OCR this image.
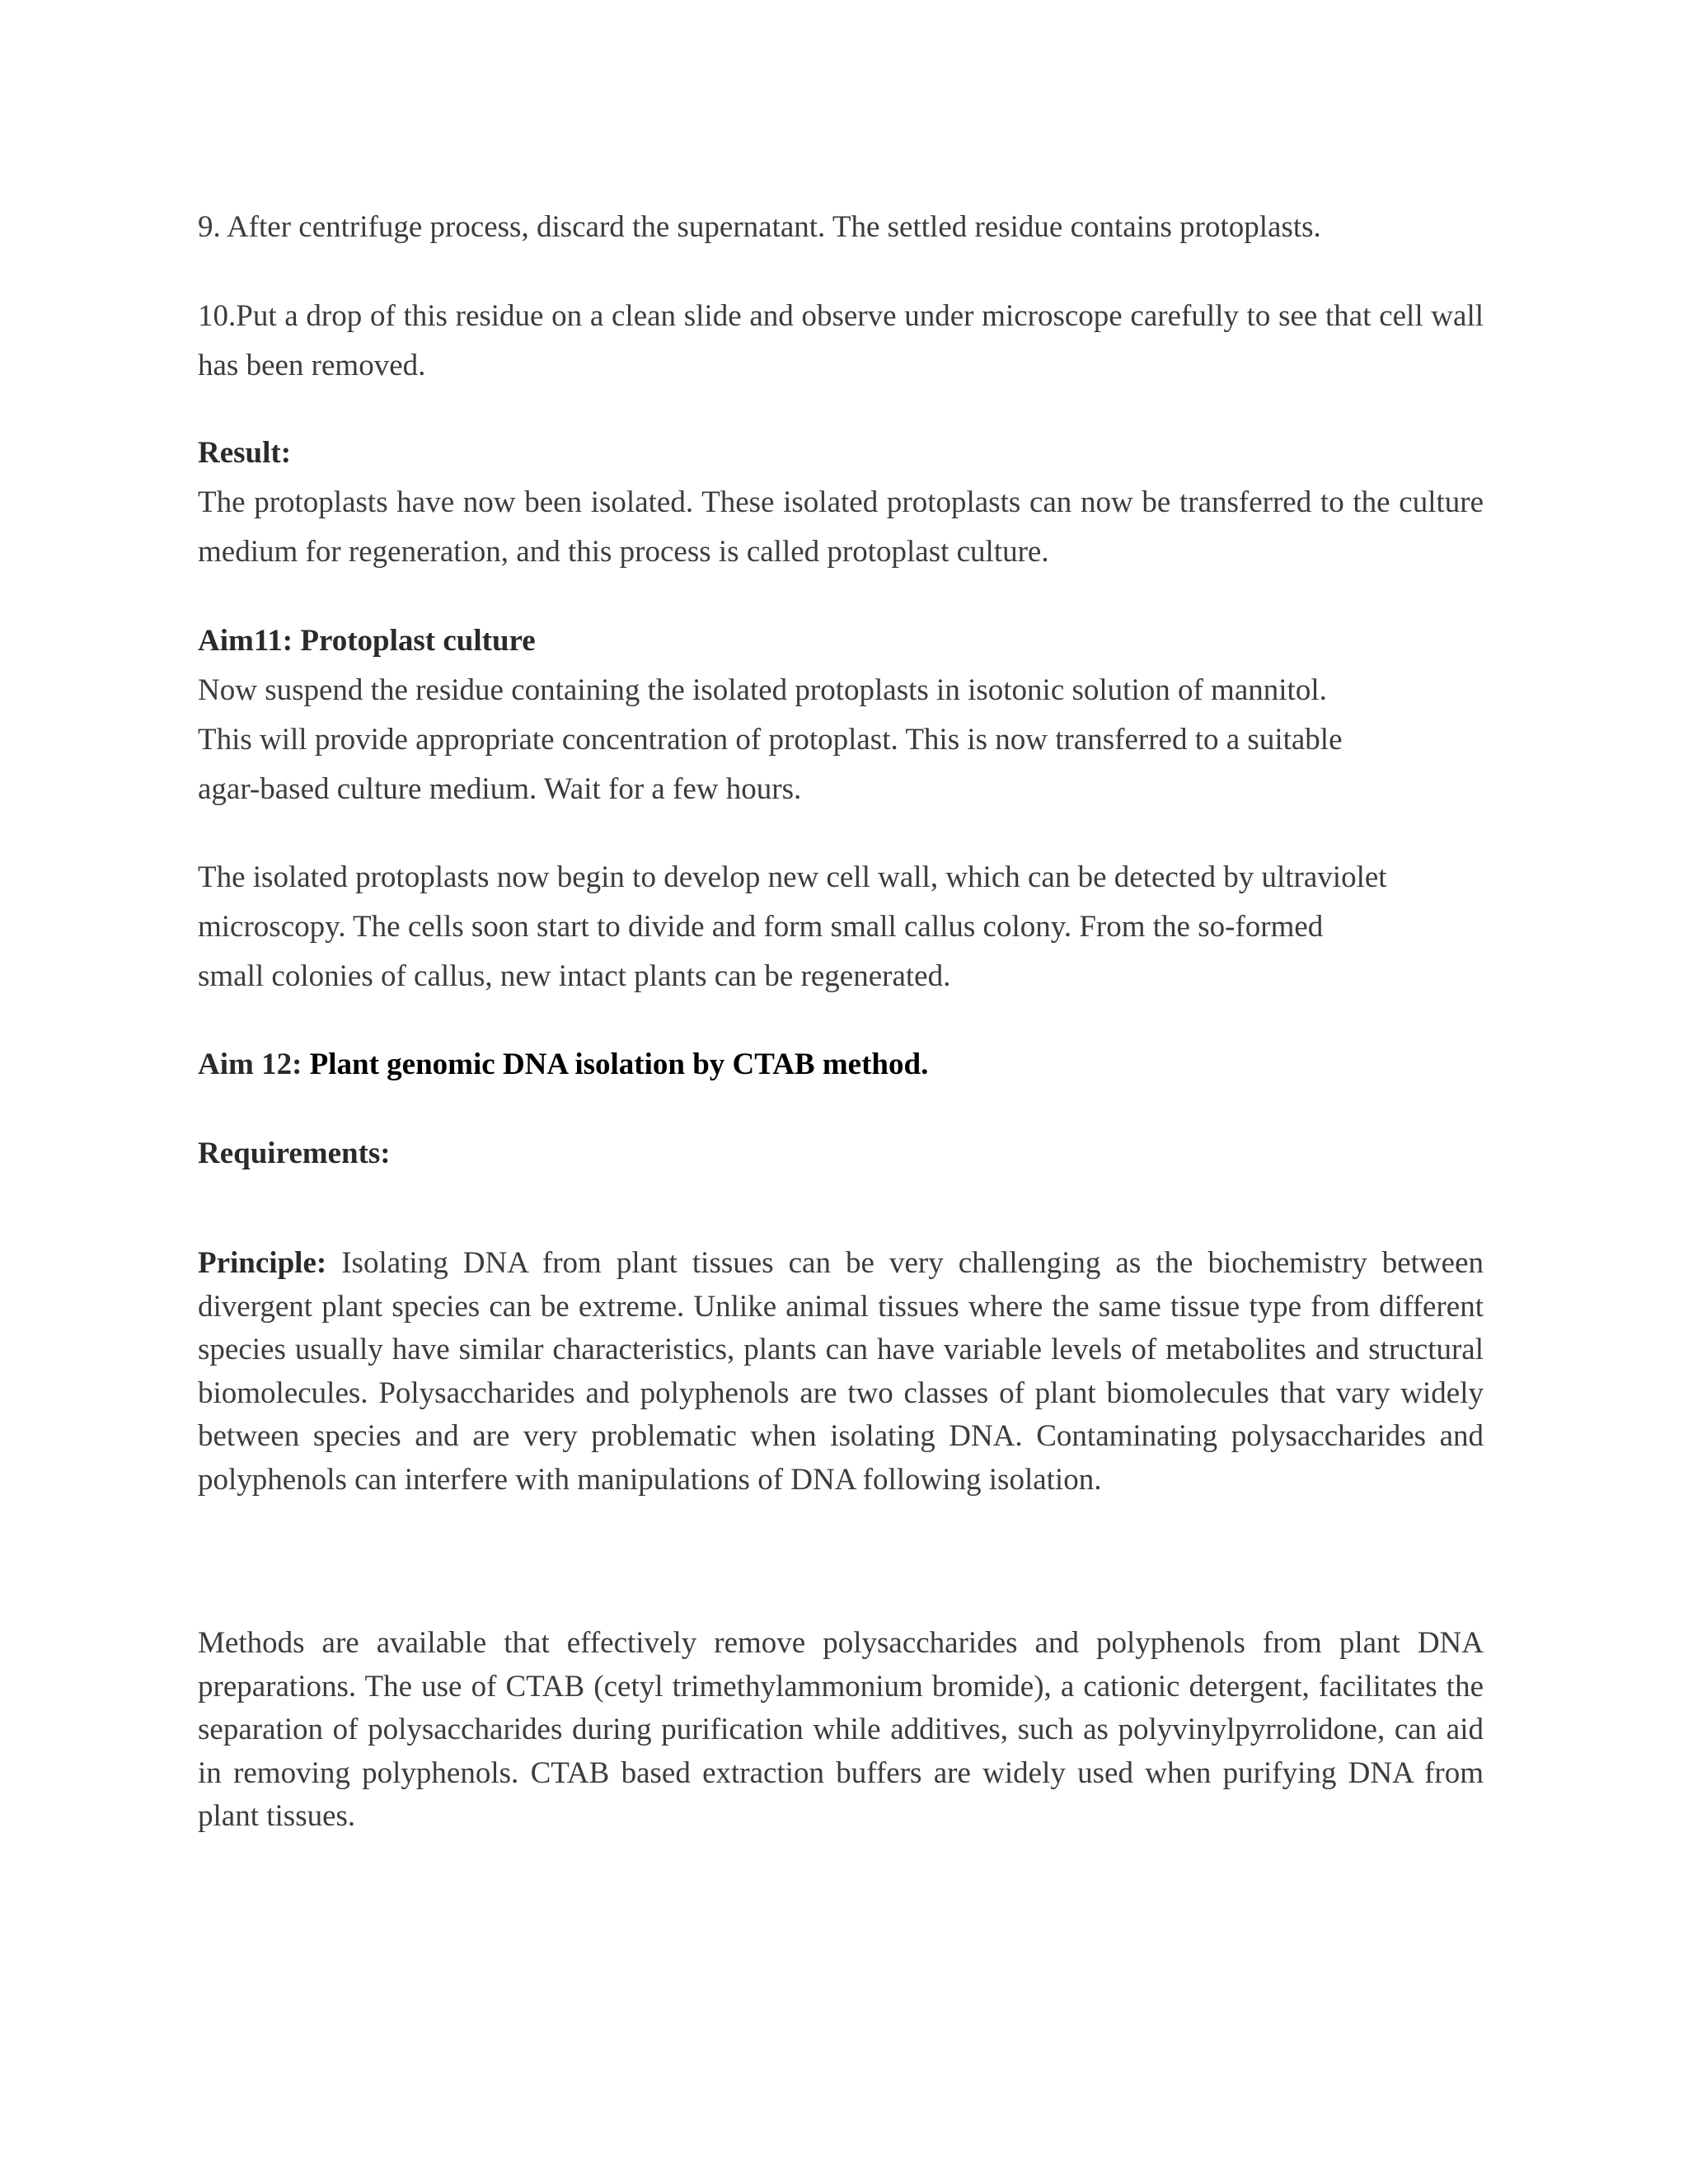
9. After centrifuge process, discard the supernatant. The settled residue contains protoplasts.

10.Put a drop of this residue on a clean slide and observe under microscope carefully to see that cell wall has been removed.

Result:

The protoplasts have now been isolated. These isolated protoplasts can now be transferred to the culture medium for regeneration, and this process is called protoplast culture.

Aim11: Protoplast culture

Now suspend the residue containing the isolated protoplasts in isotonic solution of mannitol.

This will provide appropriate concentration of protoplast. This is now transferred to a suitable

agar-based culture medium. Wait for a few hours.

The isolated protoplasts now begin to develop new cell wall, which can be detected by ultraviolet

microscopy. The cells soon start to divide and form small callus colony. From the so-formed

small colonies of callus, new intact plants can be regenerated.

Aim 12: Plant genomic DNA isolation by CTAB method.

Requirements:

Principle: Isolating DNA from plant tissues can be very challenging as the biochemistry between divergent plant species can be extreme. Unlike animal tissues where the same tissue type from different species usually have similar characteristics, plants can have variable levels of metabolites and structural biomolecules. Polysaccharides and polyphenols are two classes of plant biomolecules that vary widely between species and are very problematic when isolating DNA. Contaminating polysaccharides and polyphenols can interfere with manipulations of DNA following isolation.

Methods are available that effectively remove polysaccharides and polyphenols from plant DNA preparations. The use of CTAB (cetyl trimethylammonium bromide), a cationic detergent, facilitates the separation of polysaccharides during purification while additives, such as polyvinylpyrrolidone, can aid in removing polyphenols. CTAB based extraction buffers are widely used when purifying DNA from plant tissues.
